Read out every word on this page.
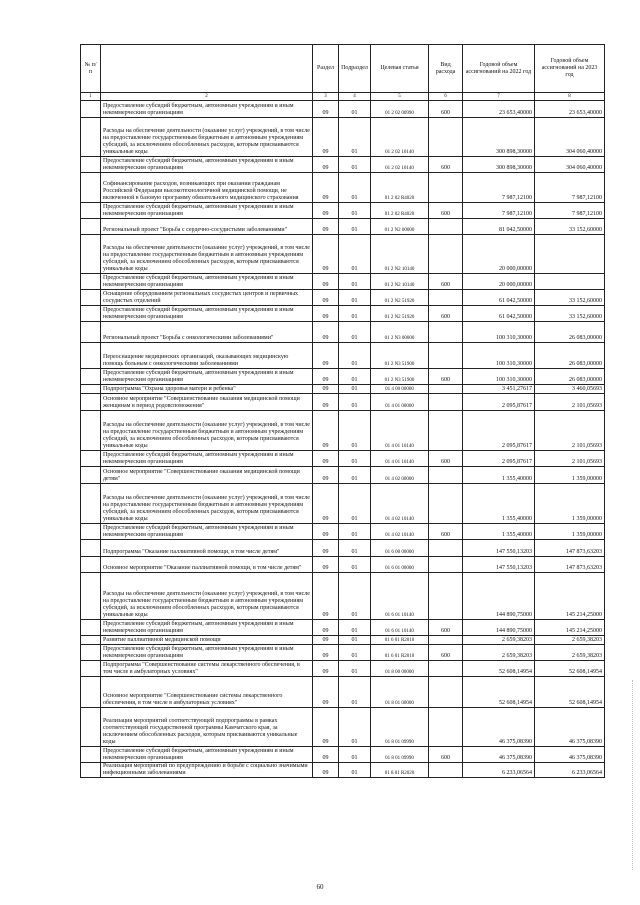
№ п/п		Раздел	Подраздел	Целевая статья	Вид расхода	Годовой объем ассигнований на 2022 год	Годовой объем ассигнований на 2023 год
1	2	3	4	5	6	7	8
	Предоставление субсидий бюджетным, автономным учреждениям и иным некоммерческим организациям	09	01	01 2 02 00990	600	23 653,40000	23 653,40000
	Расходы на обеспечение деятельности (оказание услуг) учреждений, в том числе на предоставление государственным бюджетным и автономным учреждениям субсидий, за исключением обособленных расходов, которым присваиваются уникальные коды	09	01	01 2 02 10140		300 898,30000	304 060,40000
	Предоставление субсидий бюджетным, автономным учреждениям и иным некоммерческим организациям	09	01	01 2 02 10140	600	300 898,30000	304 060,40000
	Софинансирование расходов, возникающих при оказании гражданам Российской Федерации высокотехнологичной медицинской помощи, не включенной в базовую программу обязательного медицинского страхования	09	01	01 2 02 R4020		7 987,12100	7 987,12100
	Предоставление субсидий бюджетным, автономным учреждениям и иным некоммерческим организациям	09	01	01 2 02 R4020	600	7 987,12100	7 987,12100
	Региональный проект "Борьба с сердечно-сосудистыми заболеваниями"	09	01	01 2 N2 00000		81 042,50000	33 152,60000
	Расходы на обеспечение деятельности (оказание услуг) учреждений, в том числе на предоставление государственным бюджетным и автономным учреждениям субсидий, за исключением обособленных расходов, которым присваиваются уникальные коды	09	01	01 2 N2 10140		20 000,00000	
	Предоставление субсидий бюджетным, автономным учреждениям и иным некоммерческим организациям	09	01	01 2 N2 10140	600	20 000,00000	
	Оснащение оборудованием региональных сосудистых центров и первичных сосудистых отделений	09	01	01 2 N2 51920		61 042,50000	33 152,60000
	Предоставление субсидий бюджетным, автономным учреждениям и иным некоммерческим организациям	09	01	01 2 N2 51920	600	61 042,50000	33 152,60000
	Региональный проект "Борьба с онкологическими заболеваниями"	09	01	01 2 N3 00000		100 310,30000	26 083,00000
	Переоснащение медицинских организаций, оказывающих медицинскую помощь больным с онкологическими заболеваниями	09	01	01 2 N3 51900		100 310,30000	26 083,00000
	Предоставление субсидий бюджетным, автономным учреждениям и иным некоммерческим организациям	09	01	01 2 N3 51900	600	100 310,30000	26 083,00000
	Подпрограмма "Охрана здоровья матери и ребенка"	09	01	01 4 00 00000		3 451,27617	3 460,05693
	Основное мероприятие "Совершенствование оказания медицинской помощи женщинам в период родовспоможения"	09	01	01 4 01 00000		2 095,87617	2 101,05693
	Расходы на обеспечение деятельности (оказание услуг) учреждений, в том числе на предоставление государственным бюджетным и автономным учреждениям субсидий, за исключением обособленных расходов, которым присваиваются уникальные коды	09	01	01 4 01 10140		2 095,87617	2 101,05693
	Предоставление субсидий бюджетным, автономным учреждениям и иным некоммерческим организациям	09	01	01 4 01 10140	600	2 095,87617	2 101,05693
	Основное мероприятие "Совершенствование оказания медицинской помощи детям"	09	01	01 4 02 00000		1 355,40000	1 359,00000
	Расходы на обеспечение деятельности (оказание услуг) учреждений, в том числе на предоставление государственным бюджетным и автономным учреждениям субсидий, за исключением обособленных расходов, которым присваиваются уникальные коды	09	01	01 4 02 10140		1 355,40000	1 359,00000
	Предоставление субсидий бюджетным, автономным учреждениям и иным некоммерческим организациям	09	01	01 4 02 10140	600	1 355,40000	1 359,00000
	Подпрограмма "Оказание паллиативной помощи, в том числе детям"	09	01	01 6 00 00000		147 550,13203	147 873,63203
	Основное мероприятие "Оказание паллиативной помощи, в том числе детям"	09	01	01 6 01 00000		147 550,13203	147 873,63203
	Расходы на обеспечение деятельности (оказание услуг) учреждений, в том числе на предоставление государственным бюджетным и автономным учреждениям субсидий, за исключением обособленных расходов, которым присваиваются уникальные коды	09	01	01 6 01 10140		144 890,75000	145 214,25000
	Предоставление субсидий бюджетным, автономным учреждениям и иным некоммерческим организациям	09	01	01 6 01 10140	600	144 890,75000	145 214,25000
	Развитие паллиативной медицинской помощи	09	01	01 6 01 R2010		2 659,38203	2 659,38203
	Предоставление субсидий бюджетным, автономным учреждениям и иным некоммерческим организациям	09	01	01 6 01 R2010	600	2 659,38203	2 659,38203
	Подпрограмма "Совершенствование системы лекарственного обеспечения, в том числе в амбулаторных условиях"	09	01	01 8 00 00000		52 608,14954	52 608,14954
	Основное мероприятие "Совершенствование системы лекарственного обеспечения, в том числе в амбулаторных условиях"	09	01	01 8 01 00000		52 608,14954	52 608,14954
	Реализация мероприятий соответствующей подпрограммы в рамках соответствующей государственной программы Камчатского края, за исключением обособленных расходов, которым присваиваются уникальные коды	09	01	01 8 01 09990		46 375,08390	46 375,08390
	Предоставление субсидий бюджетным, автономным учреждениям и иным некоммерческим организациям	09	01	01 8 01 09990	600	46 375,08390	46 375,08390
	Реализация мероприятий по предупреждению и борьбе с социально значимыми инфекционными заболеваниями	09	01	01 8 01 R2020		6 233,06564	6 233,06564
60
